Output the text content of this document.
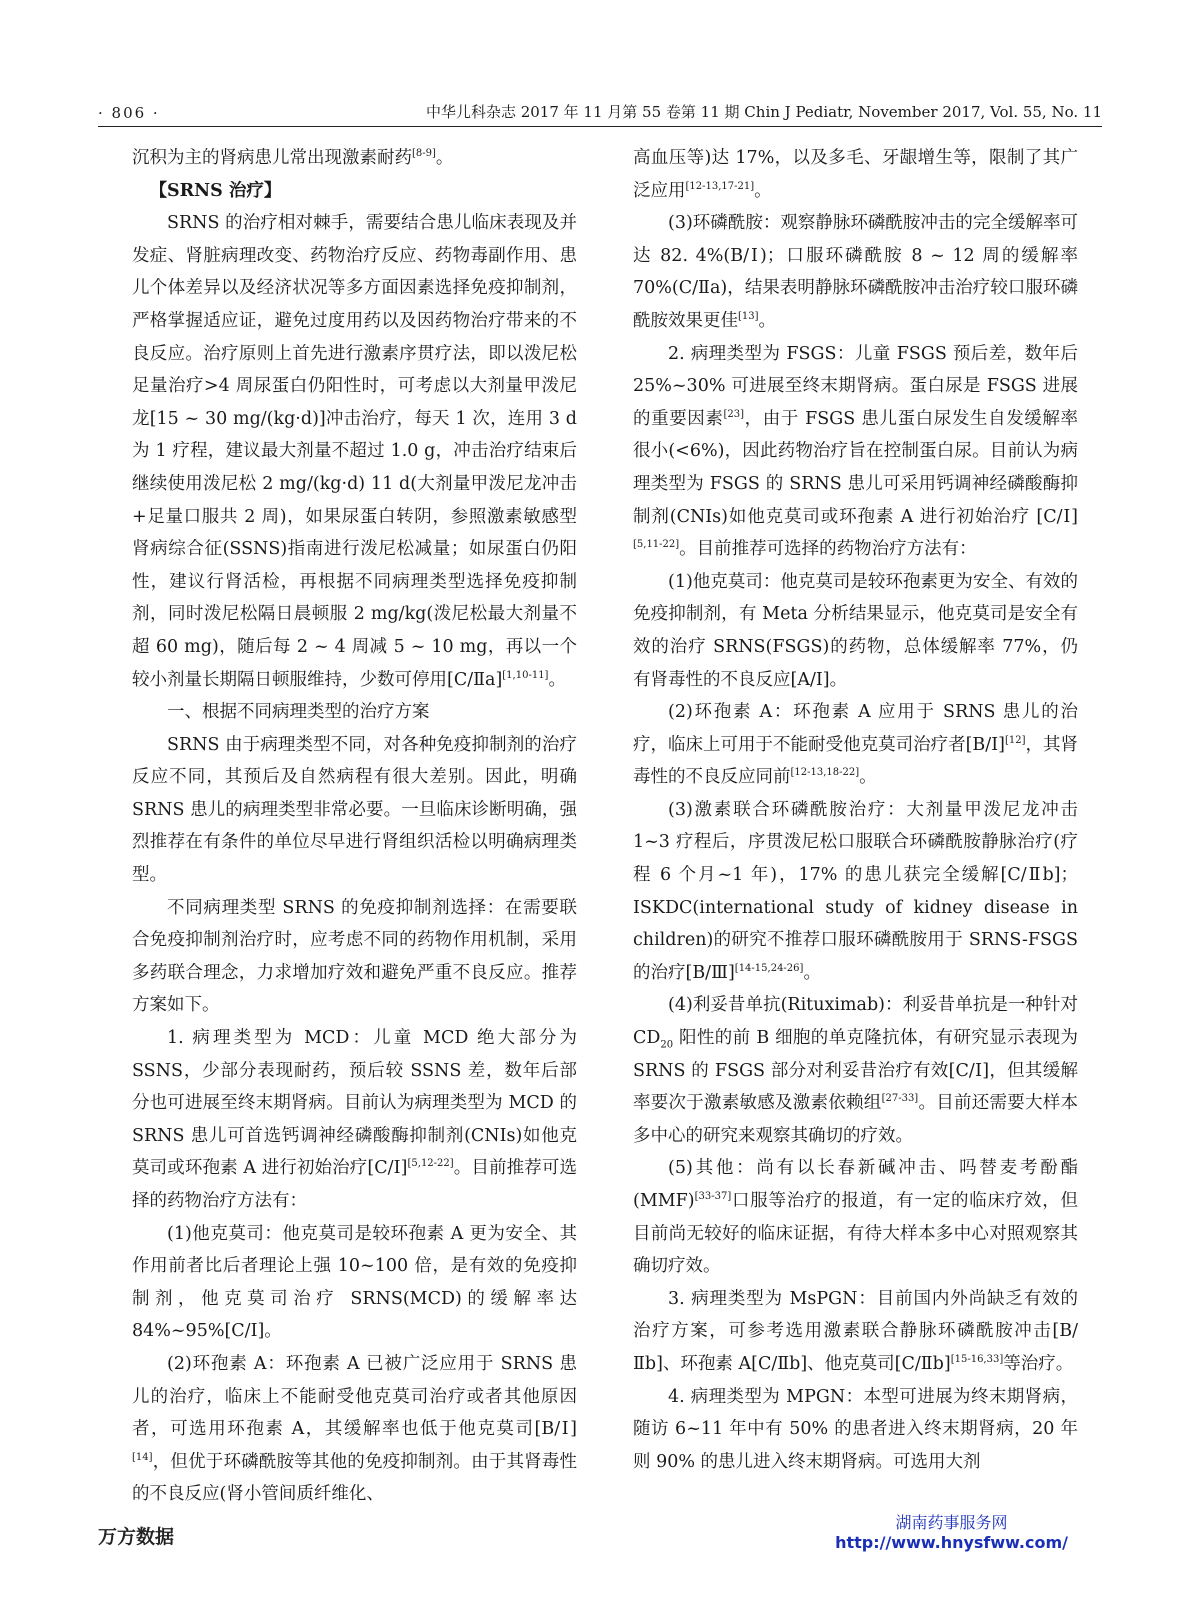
· 806 ·	中华儿科杂志 2017 年 11 月第 55 卷第 11 期 Chin J Pediatr, November 2017, Vol. 55, No. 11

沉积为主的肾病患儿常出现激素耐药[8-9]。

【SRNS 治疗】

SRNS 的治疗相对棘手，需要结合患儿临床表现及并发症、肾脏病理改变、药物治疗反应、药物毒副作用、患儿个体差异以及经济状况等多方面因素选择免疫抑制剂，严格掌握适应证，避免过度用药以及因药物治疗带来的不良反应。治疗原则上首先进行激素序贯疗法，即以泼尼松足量治疗>4 周尿蛋白仍阳性时，可考虑以大剂量甲泼尼龙[15 ~ 30 mg/(kg·d)]冲击治疗，每天 1 次，连用 3 d 为 1 疗程，建议最大剂量不超过 1.0 g，冲击治疗结束后继续使用泼尼松 2 mg/(kg·d) 11 d(大剂量甲泼尼龙冲击+足量口服共 2 周)，如果尿蛋白转阴，参照激素敏感型肾病综合征(SSNS)指南进行泼尼松减量；如尿蛋白仍阳性，建议行肾活检，再根据不同病理类型选择免疫抑制剂，同时泼尼松隔日晨顿服 2 mg/kg(泼尼松最大剂量不超 60 mg)，随后每 2 ~ 4 周减 5 ~ 10 mg，再以一个较小剂量长期隔日顿服维持，少数可停用[C/Ⅱa][1,10-11]。

一、根据不同病理类型的治疗方案

SRNS 由于病理类型不同，对各种免疫抑制剂的治疗反应不同，其预后及自然病程有很大差别。因此，明确 SRNS 患儿的病理类型非常必要。一旦临床诊断明确，强烈推荐在有条件的单位尽早进行肾组织活检以明确病理类型。

不同病理类型 SRNS 的免疫抑制剂选择：在需要联合免疫抑制剂治疗时，应考虑不同的药物作用机制，采用多药联合理念，力求增加疗效和避免严重不良反应。推荐方案如下。

1. 病理类型为 MCD：儿童 MCD 绝大部分为 SSNS，少部分表现耐药，预后较 SSNS 差，数年后部分也可进展至终末期肾病。目前认为病理类型为 MCD 的 SRNS 患儿可首选钙调神经磷酸酶抑制剂(CNIs)如他克莫司或环孢素 A 进行初始治疗[C/Ⅰ][5,12-22]。目前推荐可选择的药物治疗方法有：

(1)他克莫司：他克莫司是较环孢素 A 更为安全、其作用前者比后者理论上强 10~100 倍，是有效的免疫抑制剂，他克莫司治疗 SRNS(MCD)的缓解率达 84%~95%[C/I]。

(2)环孢素 A：环孢素 A 已被广泛应用于 SRNS 患儿的治疗，临床上不能耐受他克莫司治疗或者其他原因者，可选用环孢素 A，其缓解率也低于他克莫司[B/Ⅰ][14]，但优于环磷酰胺等其他的免疫抑制剂。由于其肾毒性的不良反应(肾小管间质纤维化、

高血压等)达 17%，以及多毛、牙龈增生等，限制了其广泛应用[12-13,17-21]。

(3)环磷酰胺：观察静脉环磷酰胺冲击的完全缓解率可达 82. 4%(B/Ⅰ)；口服环磷酰胺 8 ~ 12 周的缓解率 70%(C/Ⅱa)，结果表明静脉环磷酰胺冲击治疗较口服环磷酰胺效果更佳[13]。

2. 病理类型为 FSGS：儿童 FSGS 预后差，数年后 25%~30% 可进展至终末期肾病。蛋白尿是 FSGS 进展的重要因素[23]，由于 FSGS 患儿蛋白尿发生自发缓解率很小(<6%)，因此药物治疗旨在控制蛋白尿。目前认为病理类型为 FSGS 的 SRNS 患儿可采用钙调神经磷酸酶抑制剂(CNIs)如他克莫司或环孢素 A 进行初始治疗 [C/Ⅰ][5,11-22]。目前推荐可选择的药物治疗方法有：

(1)他克莫司：他克莫司是较环孢素更为安全、有效的免疫抑制剂，有 Meta 分析结果显示，他克莫司是安全有效的治疗 SRNS(FSGS)的药物，总体缓解率 77%，仍有肾毒性的不良反应[A/Ⅰ]。

(2)环孢素 A：环孢素 A 应用于 SRNS 患儿的治疗，临床上可用于不能耐受他克莫司治疗者[B/Ⅰ][12]，其肾毒性的不良反应同前[12-13,18-22]。

(3)激素联合环磷酰胺治疗：大剂量甲泼尼龙冲击 1~3 疗程后，序贯泼尼松口服联合环磷酰胺静脉治疗(疗程 6 个月~1 年)，17% 的患儿获完全缓解[C/Ⅱb]；ISKDC(international study of kidney disease in children)的研究不推荐口服环磷酰胺用于 SRNS-FSGS 的治疗[B/Ⅲ][14-15,24-26]。

(4)利妥昔单抗(Rituximab)：利妥昔单抗是一种针对 $CD_{20}$ 阳性的前 B 细胞的单克隆抗体，有研究显示表现为 SRNS 的 FSGS 部分对利妥昔治疗有效[C/Ⅰ]，但其缓解率要次于激素敏感及激素依赖组[27-33]。目前还需要大样本多中心的研究来观察其确切的疗效。

(5)其他：尚有以长春新碱冲击、吗替麦考酚酯(MMF)[33-37]口服等治疗的报道，有一定的临床疗效，但目前尚无较好的临床证据，有待大样本多中心对照观察其确切疗效。

3. 病理类型为 MsPGN：目前国内外尚缺乏有效的治疗方案，可参考选用激素联合静脉环磷酰胺冲击[B/Ⅱb]、环孢素 A[C/Ⅱb]、他克莫司[C/Ⅱb][15-16,33]等治疗。

4. 病理类型为 MPGN：本型可进展为终末期肾病，随访 6~11 年中有 50% 的患者进入终末期肾病，20 年则 90% 的患儿进入终末期肾病。可选用大剂

万方数据
湖南药事服务网
http://www.hnysfww.com/
